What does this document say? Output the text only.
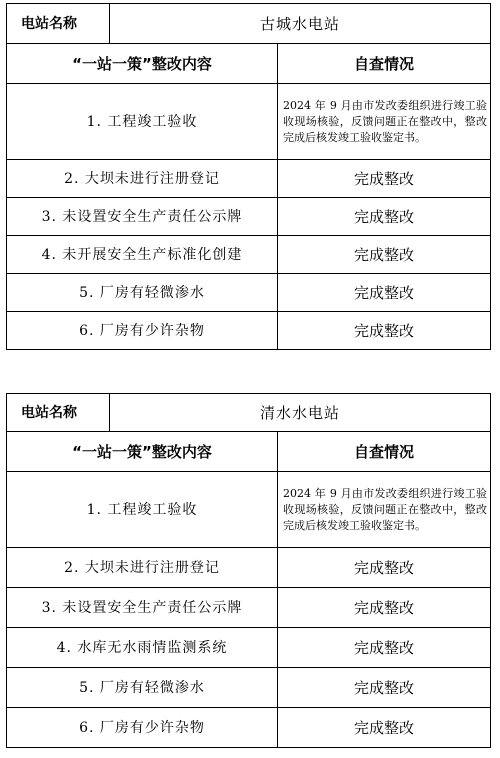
电站名称	古城水电站	
“一站一策”整改内容		自查情况
1. 工程竣工验收		2024 年 9 月由市发改委组织进行竣工验收现场核验，反馈问题正在整改中，整改完成后核发竣工验收鉴定书。
2. 大坝未进行注册登记		完成整改
3. 未设置安全生产责任公示牌		完成整改
4. 未开展安全生产标准化创建		完成整改
5. 厂房有轻微渗水		完成整改
6. 厂房有少许杂物		完成整改
电站名称	清水水电站	
“一站一策”整改内容		自查情况
1. 工程竣工验收		2024 年 9 月由市发改委组织进行竣工验收现场核验，反馈问题正在整改中，整改完成后核发竣工验收鉴定书。
2. 大坝未进行注册登记		完成整改
3. 未设置安全生产责任公示牌		完成整改
4. 水库无水雨情监测系统		完成整改
5. 厂房有轻微渗水		完成整改
6. 厂房有少许杂物		完成整改
